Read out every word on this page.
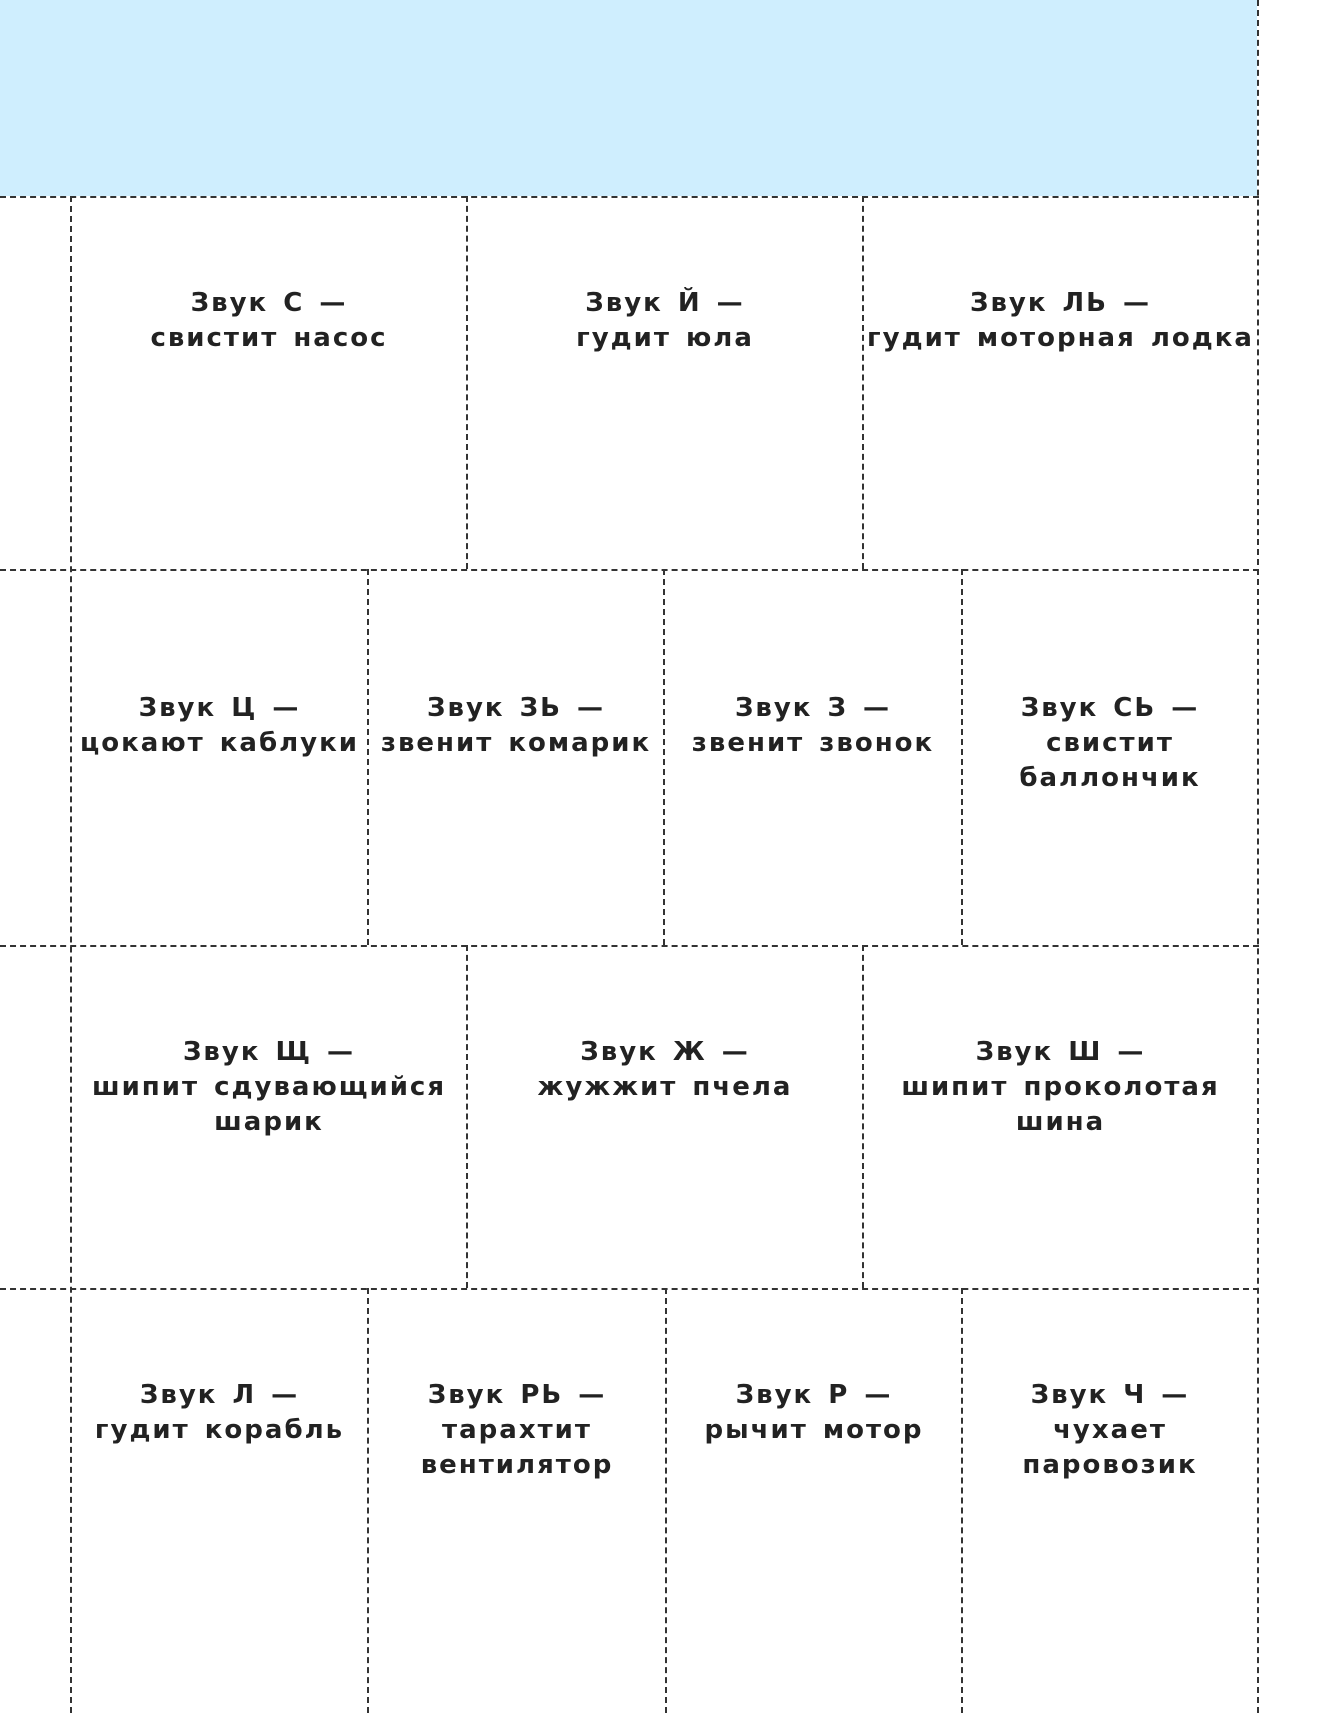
Звук С —
свистит насос
Звук Й —
гудит юла
Звук ЛЬ —
гудит моторная лодка
Звук Ц —
цокают каблуки
Звук ЗЬ —
звенит комарик
Звук З —
звенит звонок
Звук СЬ —
свистит
баллончик
Звук Щ —
шипит сдувающийся
шарик
Звук Ж —
жужжит пчела
Звук Ш —
шипит проколотая
шина
Звук Л —
гудит корабль
Звук РЬ —
тарахтит
вентилятор
Звук Р —
рычит мотор
Звук Ч —
чухает
паровозик
